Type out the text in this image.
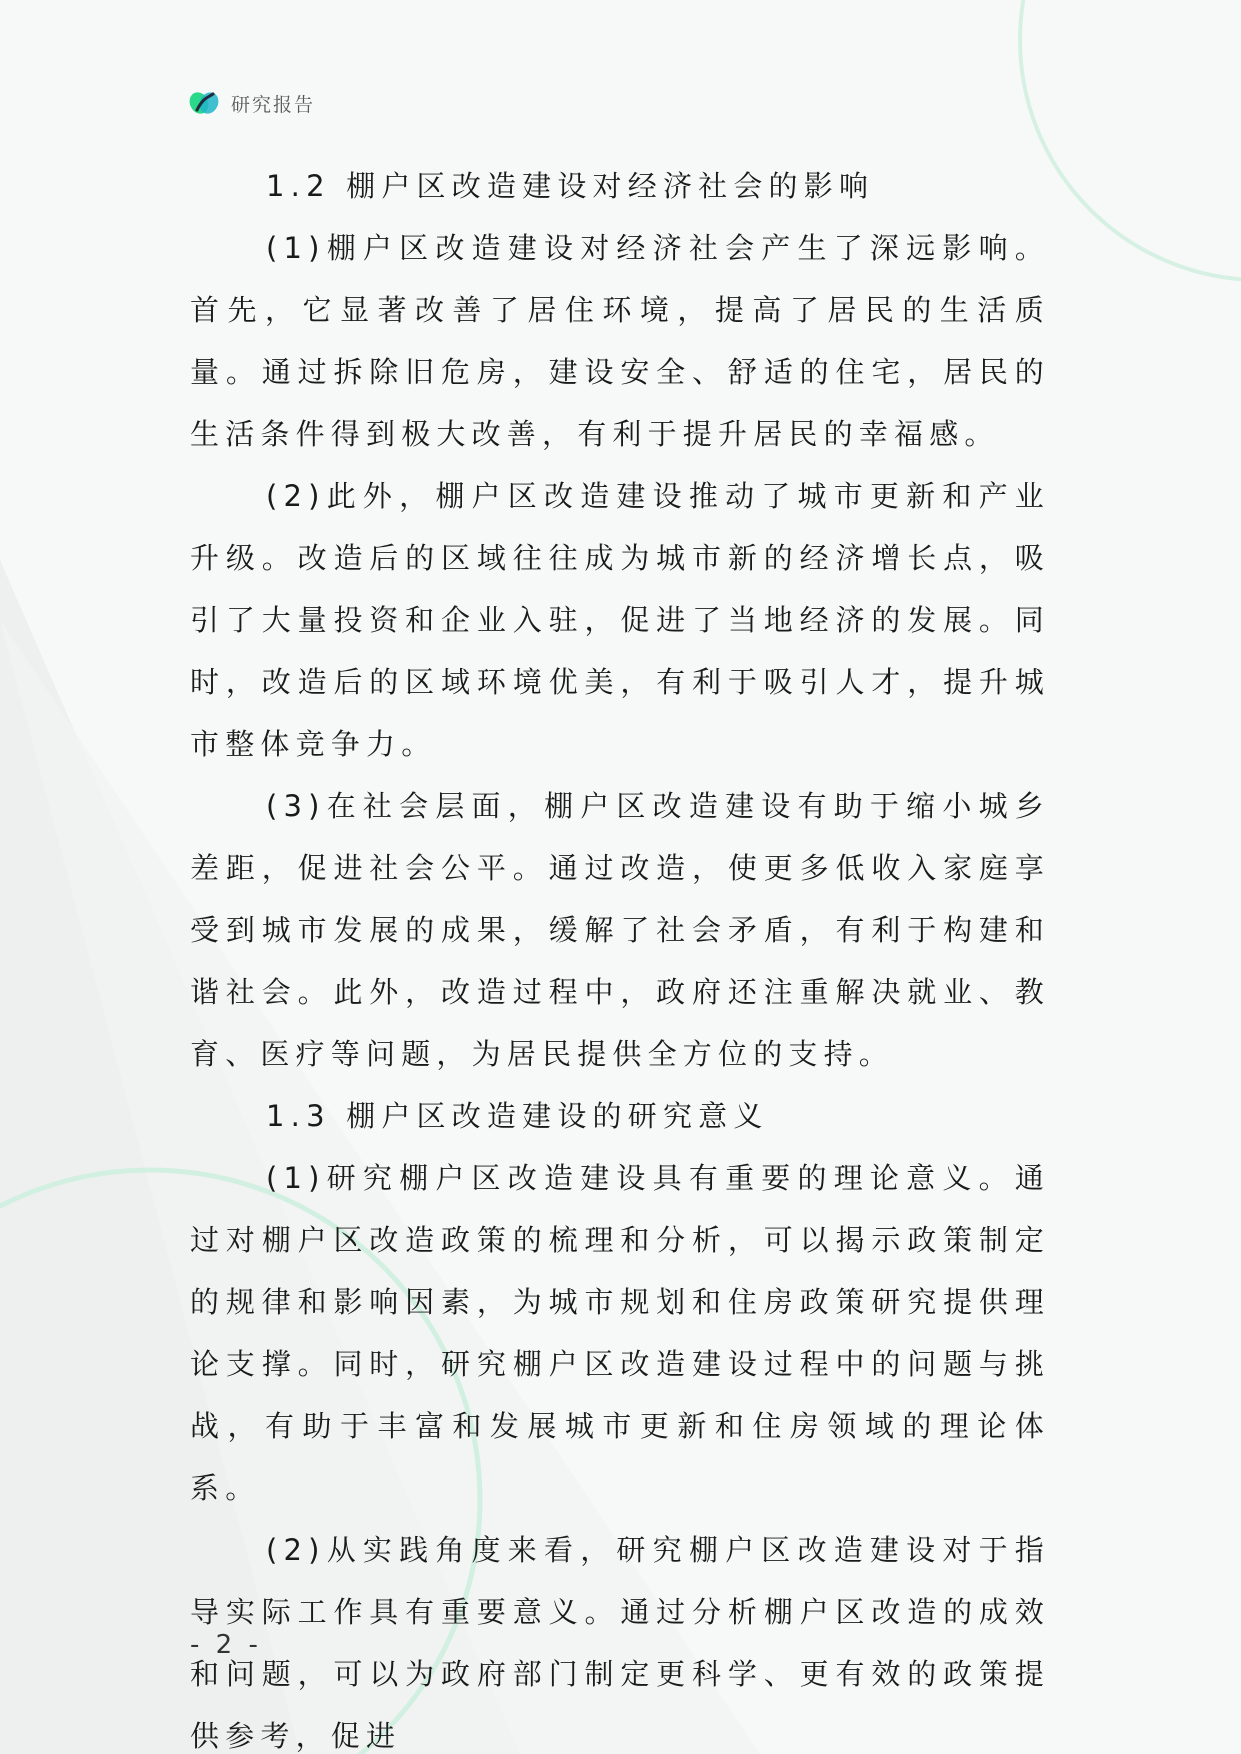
研究报告

1.2 棚户区改造建设对经济社会的影响

(1)棚户区改造建设对经济社会产生了深远影响。首先，它显著改善了居住环境，提高了居民的生活质量。通过拆除旧危房，建设安全、舒适的住宅，居民的生活条件得到极大改善，有利于提升居民的幸福感。

(2)此外，棚户区改造建设推动了城市更新和产业升级。改造后的区域往往成为城市新的经济增长点，吸引了大量投资和企业入驻，促进了当地经济的发展。同时，改造后的区域环境优美，有利于吸引人才，提升城市整体竞争力。

(3)在社会层面，棚户区改造建设有助于缩小城乡差距，促进社会公平。通过改造，使更多低收入家庭享受到城市发展的成果，缓解了社会矛盾，有利于构建和谐社会。此外，改造过程中，政府还注重解决就业、教育、医疗等问题，为居民提供全方位的支持。

1.3 棚户区改造建设的研究意义

(1)研究棚户区改造建设具有重要的理论意义。通过对棚户区改造政策的梳理和分析，可以揭示政策制定的规律和影响因素，为城市规划和住房政策研究提供理论支撑。同时，研究棚户区改造建设过程中的问题与挑战，有助于丰富和发展城市更新和住房领域的理论体系。

(2)从实践角度来看，研究棚户区改造建设对于指导实际工作具有重要意义。通过分析棚户区改造的成效和问题，可以为政府部门制定更科学、更有效的政策提供参考，促进

- 2 -
